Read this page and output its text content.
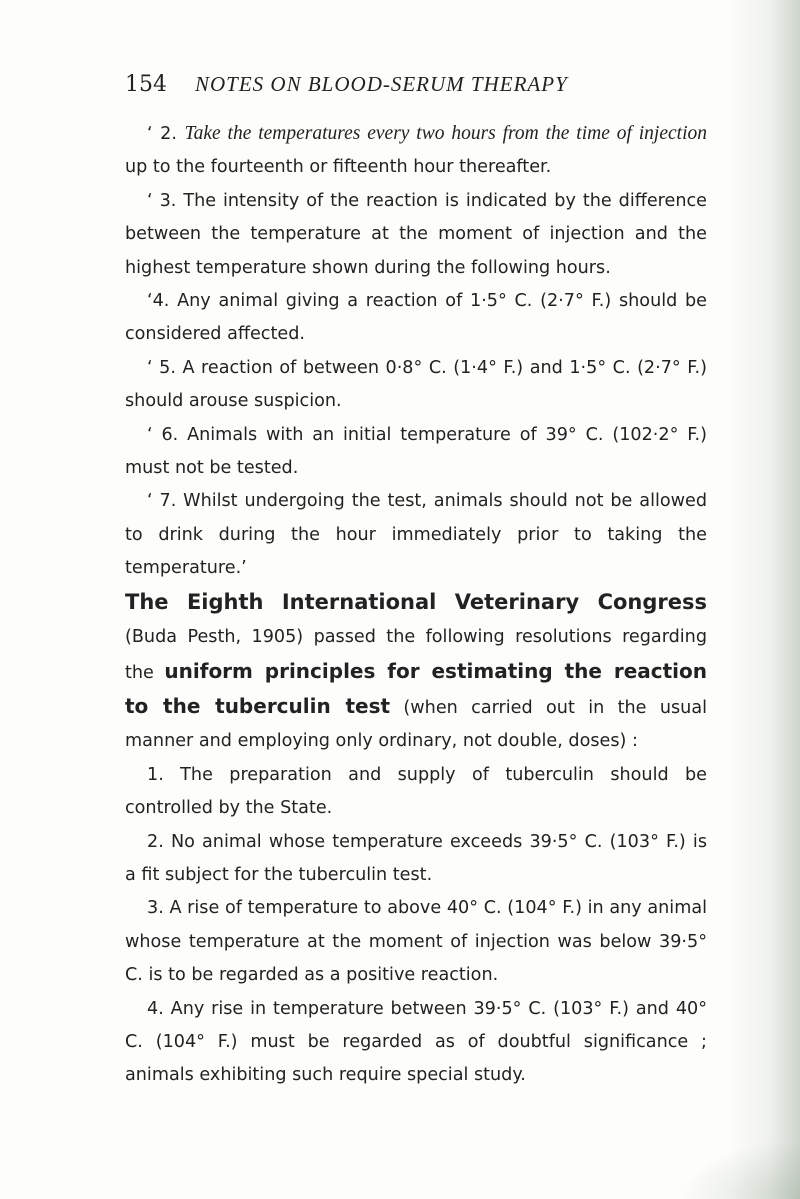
154 NOTES ON BLOOD-SERUM THERAPY

‘ 2. Take the temperatures every two hours from the time of injection up to the fourteenth or fifteenth hour thereafter.

‘ 3. The intensity of the reaction is indicated by the difference between the temperature at the moment of injection and the highest temperature shown during the following hours.

‘4. Any animal giving a reaction of 1·5° C. (2·7° F.) should be considered affected.

‘ 5. A reaction of between 0·8° C. (1·4° F.) and 1·5° C. (2·7° F.) should arouse suspicion.

‘ 6. Animals with an initial temperature of 39° C. (102·2° F.) must not be tested.

‘ 7. Whilst undergoing the test, animals should not be allowed to drink during the hour immediately prior to taking the temperature.’

The Eighth International Veterinary Congress (Buda Pesth, 1905) passed the following resolutions regarding the uniform principles for estimating the reaction to the tuberculin test (when carried out in the usual manner and employing only ordinary, not double, doses) :

1. The preparation and supply of tuberculin should be controlled by the State.

2. No animal whose temperature exceeds 39·5° C. (103° F.) is a fit subject for the tuberculin test.

3. A rise of temperature to above 40° C. (104° F.) in any animal whose temperature at the moment of injection was below 39·5° C. is to be regarded as a positive reaction.

4. Any rise in temperature between 39·5° C. (103° F.) and 40° C. (104° F.) must be regarded as of doubtful significance ; animals exhibiting such require special study.
